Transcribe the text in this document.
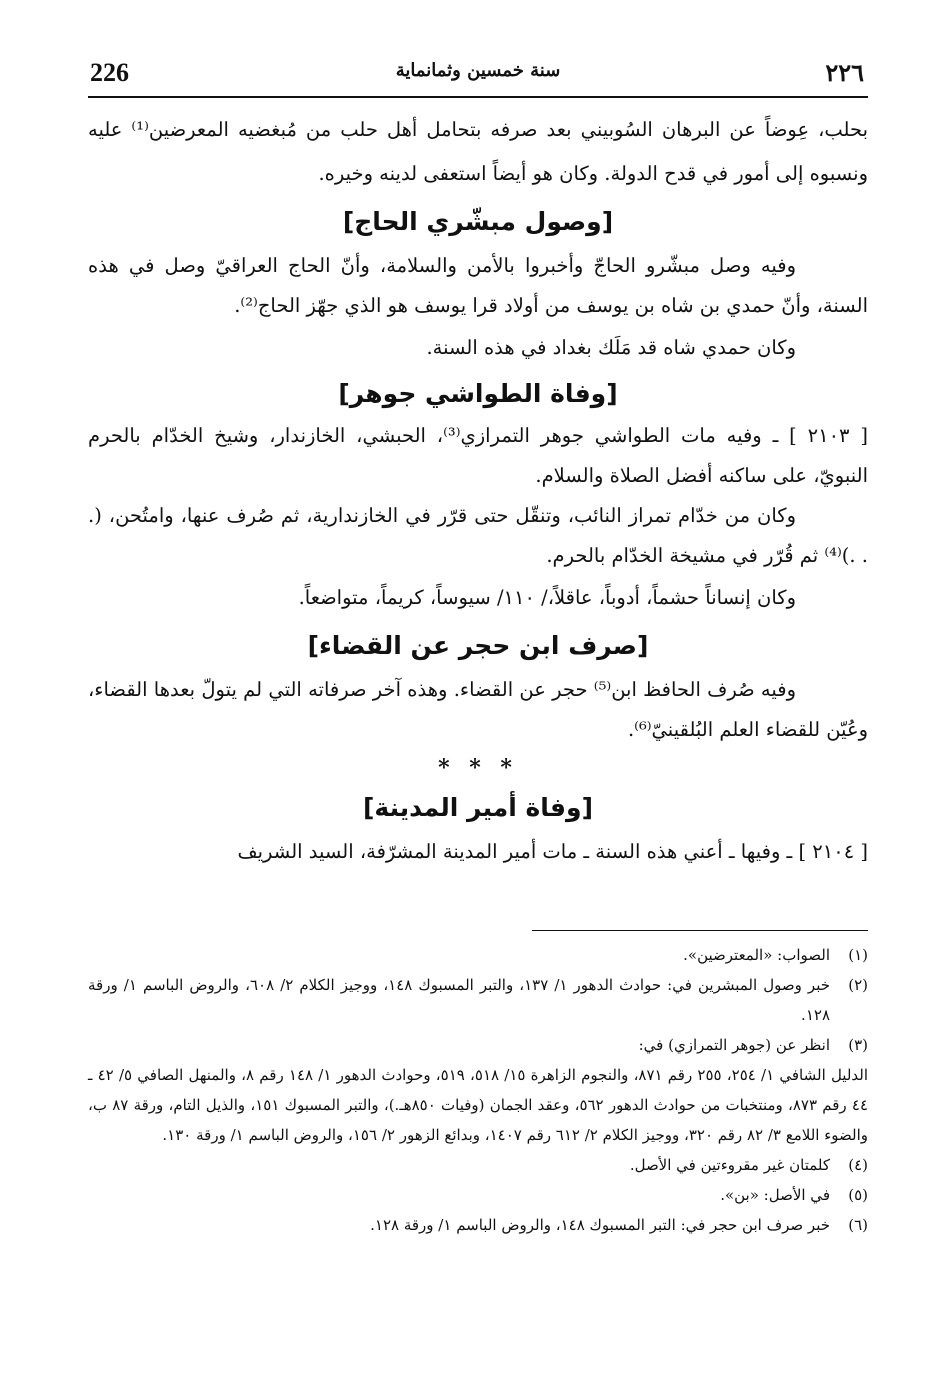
226	سنة خمسين وثمانماية	٢٢٦

بحلب، عِوضاً عن البرهان السُوبيني بعد صرفه بتحامل أهل حلب من مُبغضيه المعرضين⁽¹⁾ عليه ونسبوه إلى أمور في قدح الدولة. وكان هو أيضاً استعفى لدينه وخيره.

[وصول مبشّري الحاج]

وفيه وصل مبشّرو الحاجّ وأخبروا بالأمن والسلامة، وأنّ الحاج العراقيّ وصل في هذه السنة، وأنّ حمدي بن شاه بن يوسف من أولاد قرا يوسف هو الذي جهّز الحاج⁽²⁾.

وكان حمدي شاه قد مَلَك بغداد في هذه السنة.

[وفاة الطواشي جوهر]

[ ٢١٠٣ ] ـ وفيه مات الطواشي جوهر التمرازي⁽³⁾، الحبشي، الخازندار، وشيخ الخدّام بالحرم النبويّ، على ساكنه أفضل الصلاة والسلام.

وكان من خدّام تمراز النائب، وتنقّل حتى قرّر في الخازندارية، ثم صُرف عنها، وامتُحن، (. . .)⁽⁴⁾ ثم قُرّر في مشيخة الخدّام بالحرم.

وكان إنساناً حشماً، أدوباً، عاقلاً،/ ١١٠/ سيوساً، كريماً، متواضعاً.

[صرف ابن حجر عن القضاء]

وفيه صُرف الحافظ ابن⁽⁵⁾ حجر عن القضاء. وهذه آخر صرفاته التي لم يتولّ بعدها القضاء، وعُيّن للقضاء العلم البُلقينيّ⁽⁶⁾.

* * *

[وفاة أمير المدينة]

[ ٢١٠٤ ] ـ وفيها ـ أعني هذه السنة ـ مات أمير المدينة المشرّفة، السيد الشريف

(١)
الصواب: «المعترضين».
(٢)
خبر وصول المبشرين في: حوادث الدهور ١/ ١٣٧، والتبر المسبوك ١٤٨، ووجيز الكلام ٢/ ٦٠٨، والروض الباسم ١/ ورقة ١٢٨.
(٣)
انظر عن (جوهر التمرازي) في:
الدليل الشافي ١/ ٢٥٤، ٢٥٥ رقم ٨٧١، والنجوم الزاهرة ١٥/ ٥١٨، ٥١٩، وحوادث الدهور ١/ ١٤٨ رقم ٨، والمنهل الصافي ٥/ ٤٢ ـ ٤٤ رقم ٨٧٣، ومنتخبات من حوادث الدهور ٥٦٢، وعقد الجمان (وفيات ٨٥٠هـ.)، والتبر المسبوك ١٥١، والذيل التام، ورقة ٨٧ ب، والضوء اللامع ٣/ ٨٢ رقم ٣٢٠، ووجيز الكلام ٢/ ٦١٢ رقم ١٤٠٧، وبدائع الزهور ٢/ ١٥٦، والروض الباسم ١/ ورقة ١٣٠.
(٤)
كلمتان غير مقروءتين في الأصل.
(٥)
في الأصل: «بن».
(٦)
خبر صرف ابن حجر في: التبر المسبوك ١٤٨، والروض الباسم ١/ ورقة ١٢٨.
